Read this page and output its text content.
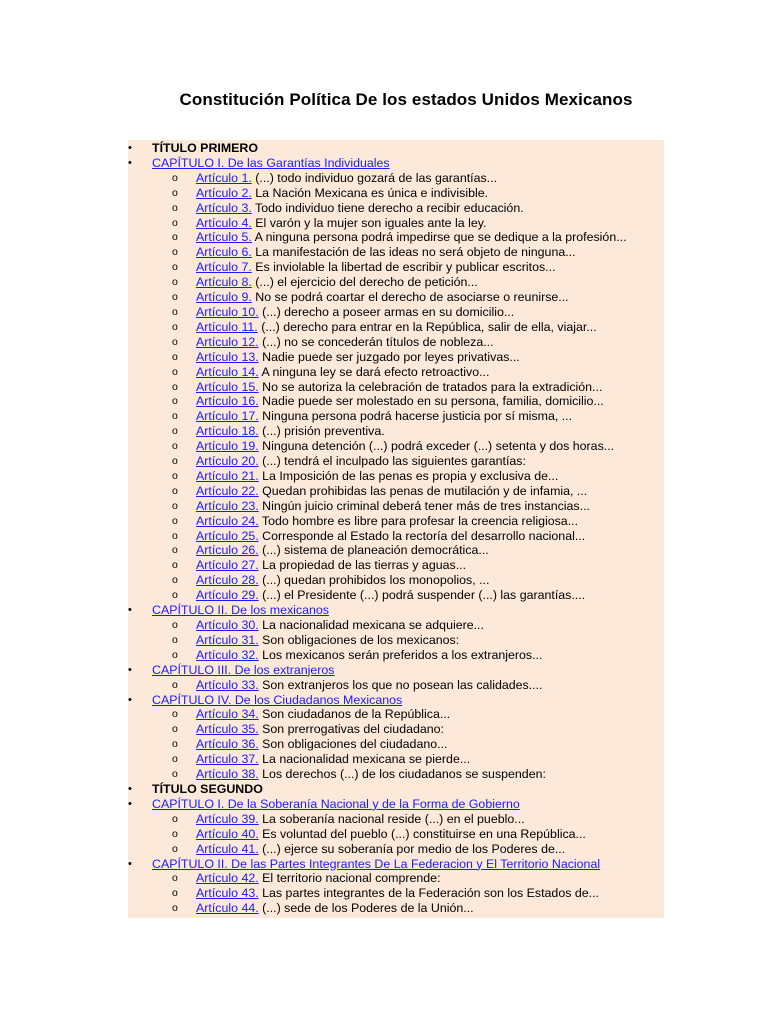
Constitución Política De los estados Unidos Mexicanos
• TÍTULO PRIMERO
• CAPÍTULO I. De las Garantías Individuales
o Artículo 1. (...) todo individuo gozará de las garantías...
o Artículo 2. La Nación Mexicana es única e indivisible.
o Artículo 3. Todo individuo tiene derecho a recibir educación.
o Artículo 4. El varón y la mujer son iguales ante la ley.
o Artículo 5. A ninguna persona podrá impedirse que se dedique a la profesión...
o Artículo 6. La manifestación de las ideas no será objeto de ninguna...
o Artículo 7. Es inviolable la libertad de escribir y publicar escritos...
o Artículo 8. (...) el ejercicio del derecho de petición...
o Artículo 9. No se podrá coartar el derecho de asociarse o reunirse...
o Artículo 10. (...) derecho a poseer armas en su domicilio...
o Artículo 11. (...) derecho para entrar en la República, salir de ella, viajar...
o Artículo 12. (...) no se concederán títulos de nobleza...
o Artículo 13. Nadie puede ser juzgado por leyes privativas...
o Artículo 14. A ninguna ley se dará efecto retroactivo...
o Artículo 15. No se autoriza la celebración de tratados para la extradición...
o Artículo 16. Nadie puede ser molestado en su persona, familia, domicilio...
o Artículo 17. Ninguna persona podrá hacerse justicia por sí misma, ...
o Artículo 18. (...) prisión preventiva.
o Artículo 19. Ninguna detención (...) podrá exceder (...) setenta y dos horas...
o Artículo 20. (...) tendrá el inculpado las siguientes garantías:
o Artículo 21. La Imposición de las penas es propia y exclusiva de...
o Artículo 22. Quedan prohibidas las penas de mutilación y de infamia, ...
o Artículo 23. Ningún juicio criminal deberá tener más de tres instancias...
o Artículo 24. Todo hombre es libre para profesar la creencia religiosa...
o Artículo 25. Corresponde al Estado la rectoría del desarrollo nacional...
o Artículo 26. (...) sistema de planeación democrática...
o Artículo 27. La propiedad de las tierras y aguas...
o Artículo 28. (...) quedan prohibidos los monopolios, ...
o Artículo 29. (...) el Presidente (...) podrá suspender (...) las garantías....
• CAPÍTULO II. De los mexicanos
o Artículo 30. La nacionalidad mexicana se adquiere...
o Artículo 31. Son obligaciones de los mexicanos:
o Artículo 32. Los mexicanos serán preferidos a los extranjeros...
• CAPÍTULO III. De los extranjeros
o Artículo 33. Son extranjeros los que no posean las calidades....
• CAPÍTULO IV. De los Ciudadanos Mexicanos
o Artículo 34. Son ciudadanos de la República...
o Artículo 35. Son prerrogativas del ciudadano:
o Artículo 36. Son obligaciones del ciudadano...
o Artículo 37. La nacionalidad mexicana se pierde...
o Artículo 38. Los derechos (...) de los ciudadanos se suspenden:
• TÍTULO SEGUNDO
• CAPÍTULO I. De la Soberanía Nacional y de la Forma de Gobierno
o Artículo 39. La soberanía nacional reside (...) en el pueblo...
o Artículo 40. Es voluntad del pueblo (...) constituirse en una República...
o Artículo 41. (...) ejerce su soberanía por medio de los Poderes de...
• CAPÍTULO II. De las Partes Integrantes De La Federacion y El Territorio Nacional
o Artículo 42. El territorio nacional comprende:
o Artículo 43. Las partes integrantes de la Federación son los Estados de...
o Artículo 44. (...) sede de los Poderes de la Unión...
